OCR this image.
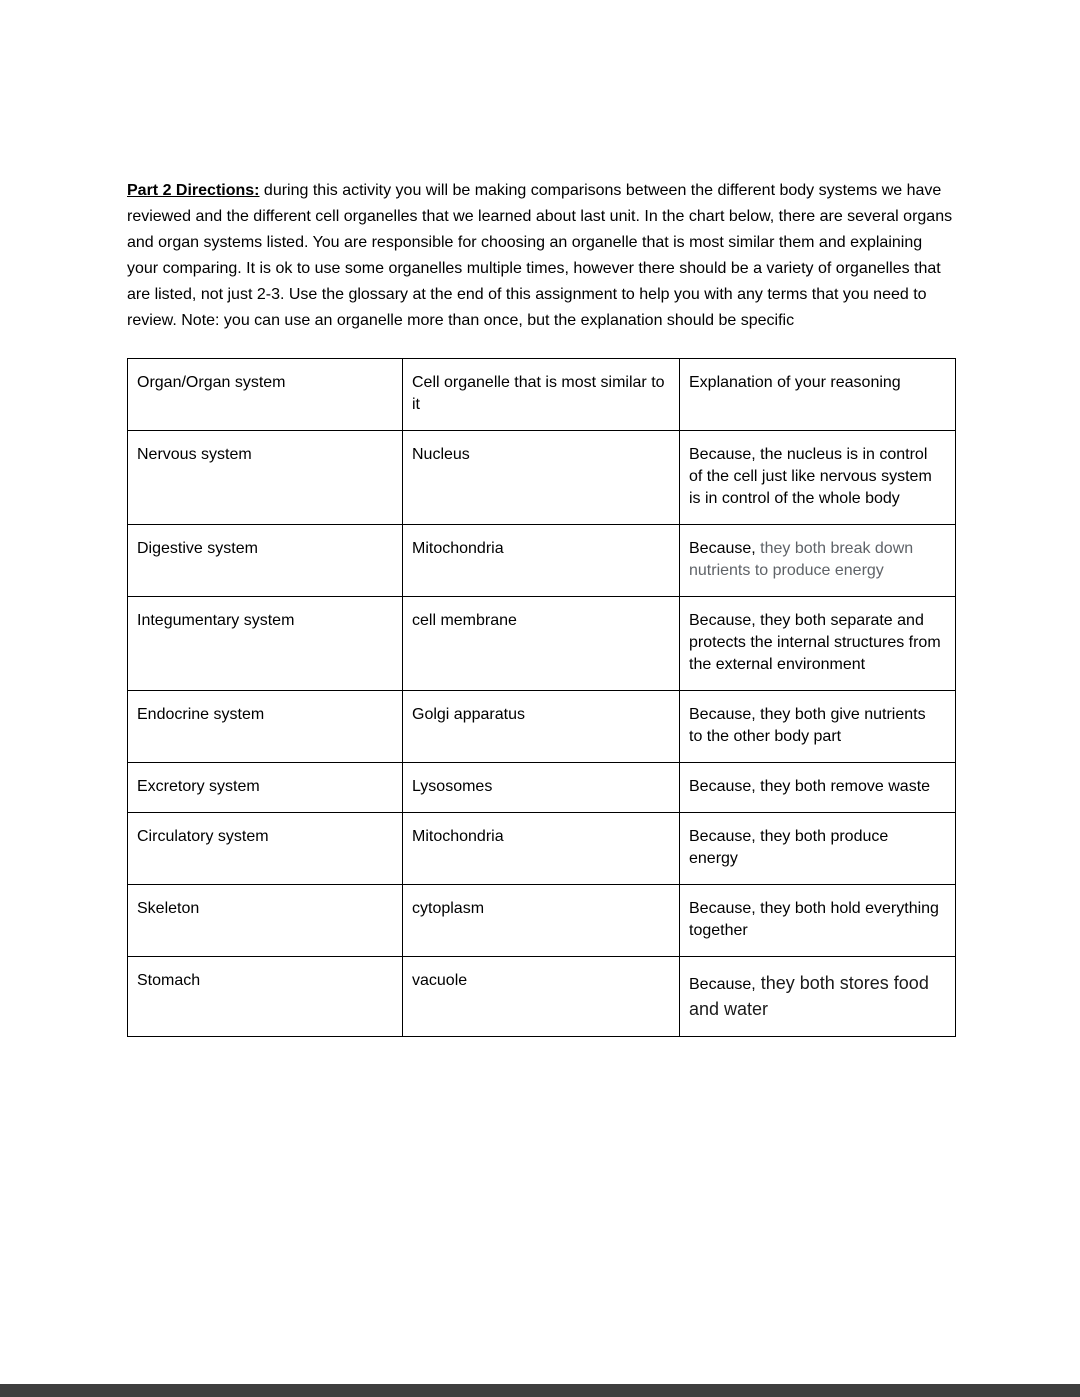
Part 2 Directions: during this activity you will be making comparisons between the different body systems we have reviewed and the different cell organelles that we learned about last unit. In the chart below, there are several organs and organ systems listed. You are responsible for choosing an organelle that is most similar them and explaining your comparing. It is ok to use some organelles multiple times, however there should be a variety of organelles that are listed, not just 2-3. Use the glossary at the end of this assignment to help you with any terms that you need to review. Note: you can use an organelle more than once, but the explanation should be specific

Organ/Organ system	Cell organelle that is most similar to it	Explanation of your reasoning
Nervous system	Nucleus	Because, the nucleus is in control of the cell just like nervous system is in control of the whole body
Digestive system	Mitochondria	Because, they both break down nutrients to produce energy
Integumentary system	cell membrane	Because, they both separate and protects the internal structures from the external environment
Endocrine system	Golgi apparatus	Because, they both give nutrients to the other body part
Excretory system	Lysosomes	Because, they both remove waste
Circulatory system	Mitochondria	Because, they both produce energy
Skeleton	cytoplasm	Because, they both hold everything together
Stomach	vacuole	Because, they both stores food and water
